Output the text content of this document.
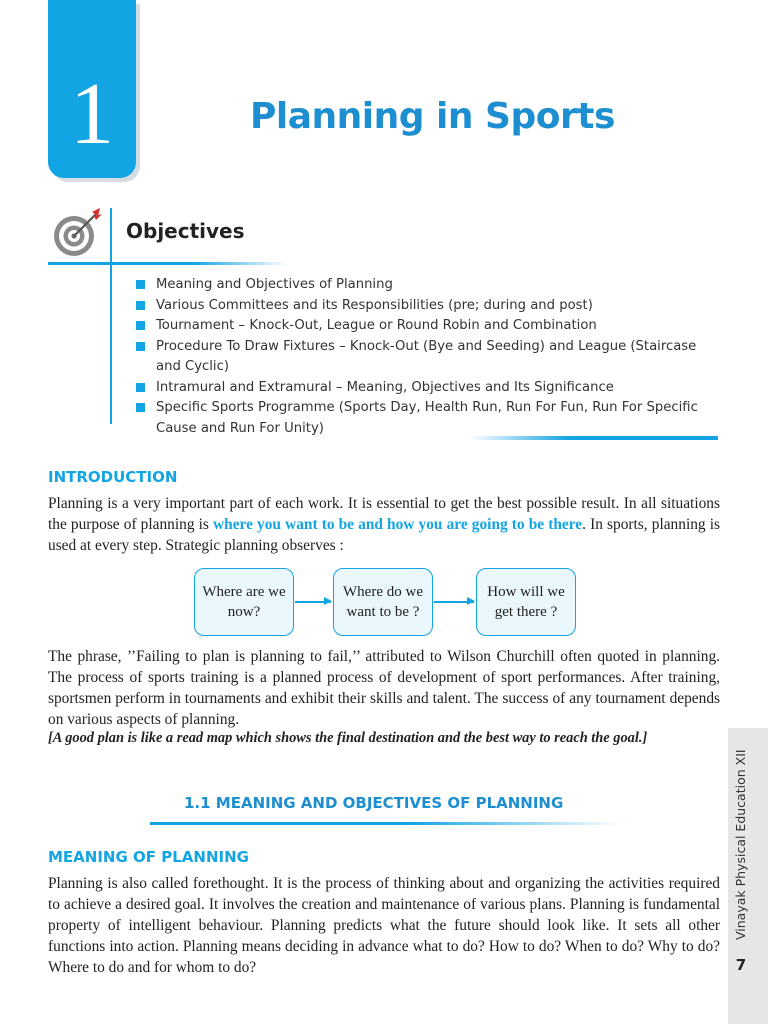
1	Planning in Sports
Objectives
Meaning and Objectives of Planning
Various Committees and its Responsibilities (pre; during and post)
Tournament – Knock-Out, League or Round Robin and Combination
Procedure To Draw Fixtures – Knock-Out (Bye and Seeding) and League (Staircase and Cyclic)
Intramural and Extramural – Meaning, Objectives and Its Significance
Specific Sports Programme (Sports Day, Health Run, Run For Fun, Run For Specific Cause and Run For Unity)
INTRODUCTION

Planning is a very important part of each work. It is essential to get the best possible result. In all situations the purpose of planning is where you want to be and how you are going to be there. In sports, planning is used at every step. Strategic planning observes :

Where are we now?
Where do we want to be ?
How will we get there ?

The phrase, ’’Failing to plan is planning to fail,’’ attributed to Wilson Churchill often quoted in planning. The process of sports training is a planned process of development of sport performances. After training, sportsmen perform in tournaments and exhibit their skills and talent. The success of any tournament depends on various aspects of planning.

[A good plan is like a read map which shows the final destination and the best way to reach the goal.]
1.1 MEANING AND OBJECTIVES OF PLANNING
MEANING OF PLANNING

Planning is also called forethought. It is the process of thinking about and organizing the activities required to achieve a desired goal. It involves the creation and maintenance of various plans. Planning is fundamental property of intelligent behaviour. Planning predicts what the future should look like. It sets all other functions into action. Planning means deciding in advance what to do? How to do? When to do? Why to do? Where to do and for whom to do?

Vinayak Physical Education XII
7
